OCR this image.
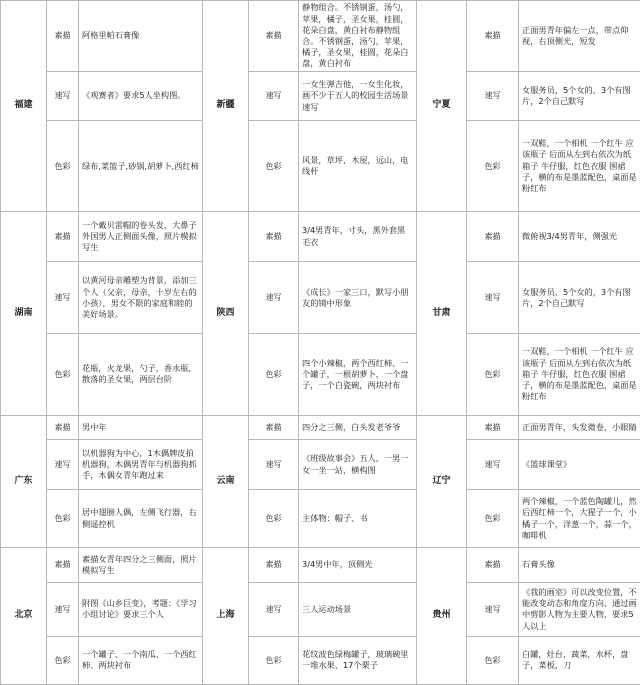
福建	素描	阿格里帕石膏像	新疆	素描	静物组合。不锈钢蛋，汤勺，苹果，橘子，圣女果，桂圆，花朵白盘，黄白衬布静物组合。不锈钢蛋，汤勺，苹果，橘子，圣女果，桂圆，花朵白盘，黄白衬布	宁夏	素描	正面男青年偏左一点，带点仰视，右顶侧光，短发
	速写	《观赛者》要求5人坐构图。		速写	一女生弹吉他，一女生化妆，画不少于五人的校园生活场景速写		速写	女服务员，5个女的，3个有图片，2个自己默写
	色彩	绿布,菜篮子,砂锅,胡萝卜,西红柿		色彩	风景，草坪，木屋，远山，电线杆		色彩	一双鞋，一个相机 一个红牛 应该瓶子 后面从左到右依次为纸箱子 牛仔服，红色衣服 围裙子，横的布是墨蓝配色，桌面是粉红布
湖南	素描	一个戴贝雷帽的卷头发、大鼻子外国男人正侧面头像，照片模拟写生	陕西	素描	3/4男青年，寸头，黑外套黑毛衣	甘肃	素描	微俯视3/4男青年，侧强光
	速写	以黄河母亲雕塑为背景，添加三个人（父亲，母亲，十岁左右的小孩），男女不限的家庭和睦的美好场景。		速写	《成长》一家三口，默写小朋友的镜中形象		速写	女服务员，5个女的，3个有图片，2个自己默写
	色彩	花瓶，火龙果，勺子，香水瓶，散落的圣女果，两层台阶		色彩	四个小辣椒，两个西红柿、一个罐子，一根胡萝卜，一个盘子，一个白瓷碗，两块衬布		色彩	一双鞋，一个相机 一个红牛 应该瓶子 后面从左到右依次为纸箱子 牛仔服，红色衣服 围裙子，横的布是墨蓝配色，桌面是粉红布
广东	素描	男中年	云南	素描	四分之三侧，白头发老爷爷	辽宁	素描	正面男青年，头发微卷，小眼睛
	速写	以机器狗为中心，1木偶牌皮拍机器狗，木偶男青年与机器狗抓手，木偶女青年跑过来		速写	《班级故事会》五人，一男一女一坐一站，横构图		速写	《篮球课堂》
	色彩	居中翅膀人偶，左侧飞行器，右侧遥控机		色彩	主体物：帽子、书		色彩	两个辣椒，一个蓝色陶罐儿，然后西红柿一个，大猩子一个，小橘子一个，洋葱一个，蒜一个，咖啡机
北京	素描	素描女青年四分之三侧面，照片模拟写生	上海	素描	3/4男中年，顶侧光	贵州	素描	石膏头像
	速写	附图《山乡巨变》，考题：《学习小组讨论》要求三个人		速写	三人运动场景		速写	《我的画室》可以改变位置，不能改变动态和角度方向、通过画中剪影人物为主要人物，要求5人以上
	色彩	一个罐子、一个南瓜、一个西红柿、两块衬布		色彩	花纹波色绿梅罐子，玻璃碗里一堆水果、17个栗子		色彩	白罐，灶台，蔬菜，水杯，盘子，菜板，刀
